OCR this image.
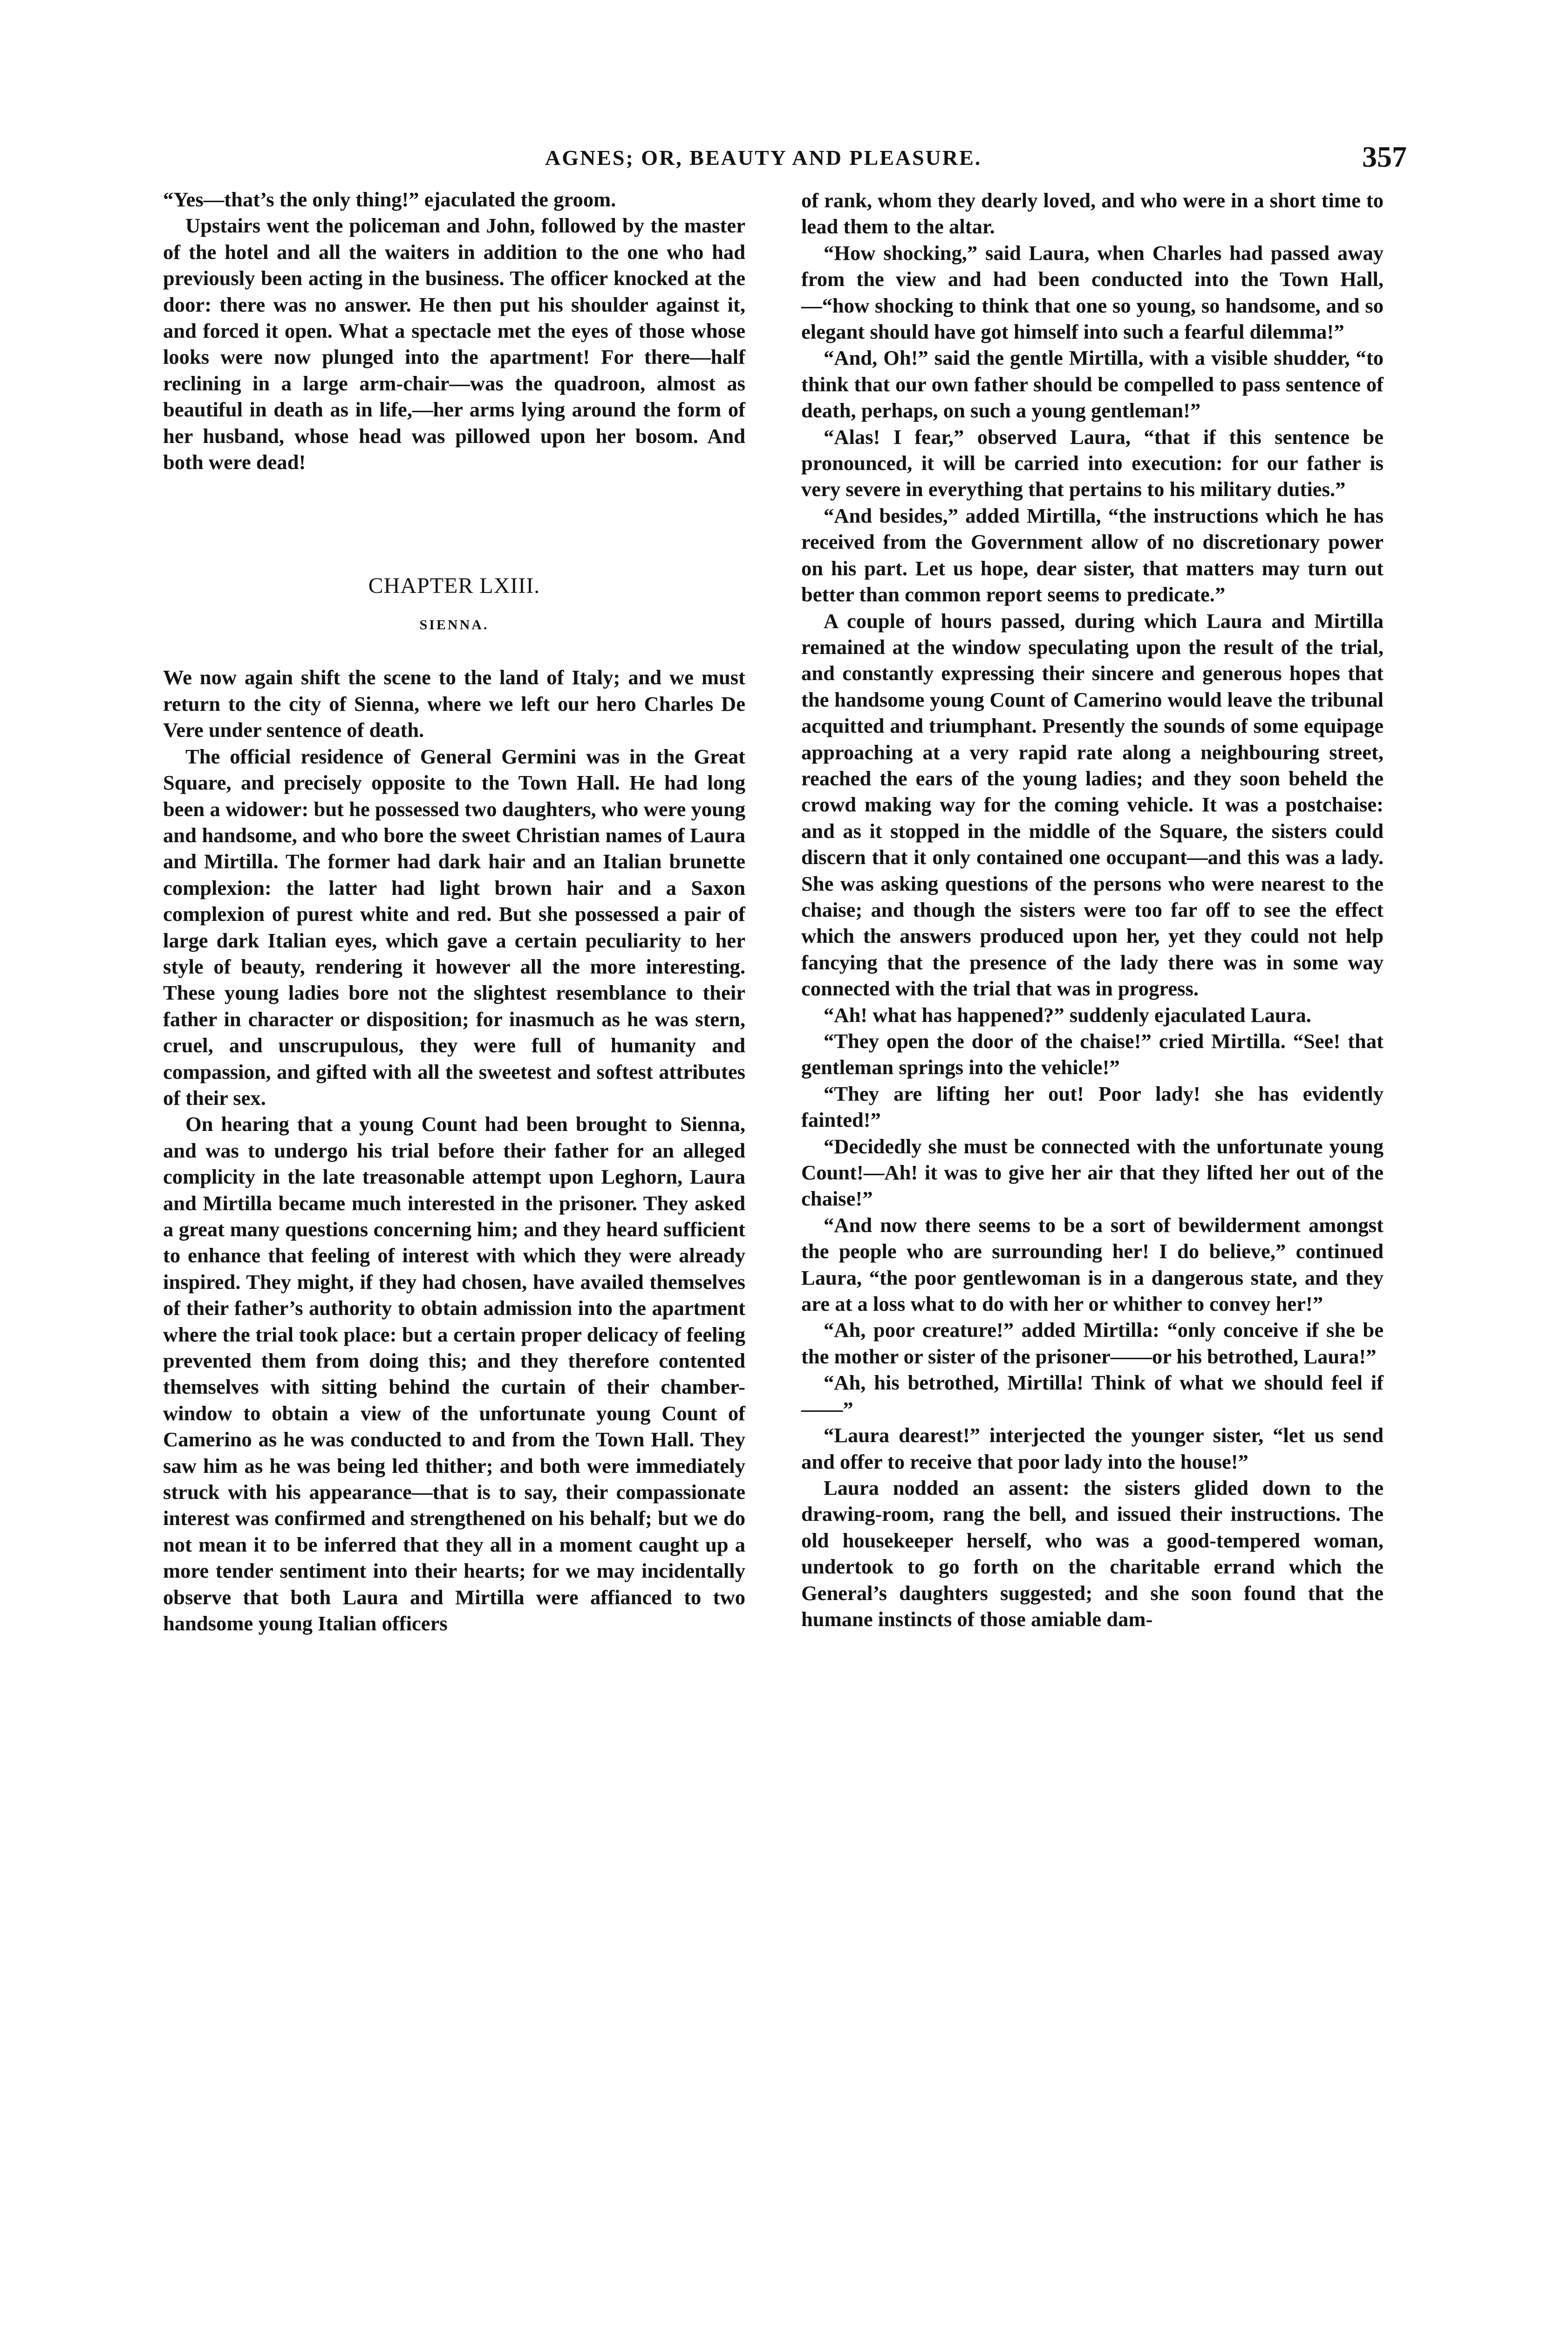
AGNES; OR, BEAUTY AND PLEASURE.	357

“Yes—that’s the only thing!” ejaculated the groom.

Upstairs went the policeman and John, followed by the master of the hotel and all the waiters in addition to the one who had previously been acting in the business. The officer knocked at the door: there was no answer. He then put his shoulder against it, and forced it open. What a spectacle met the eyes of those whose looks were now plunged into the apartment! For there—half reclining in a large arm-chair—was the quadroon, almost as beautiful in death as in life,—her arms lying around the form of her husband, whose head was pillowed upon her bosom. And both were dead!

CHAPTER LXIII.
SIENNA.

We now again shift the scene to the land of Italy; and we must return to the city of Sienna, where we left our hero Charles De Vere under sentence of death.

The official residence of General Germini was in the Great Square, and precisely opposite to the Town Hall. He had long been a widower: but he possessed two daughters, who were young and handsome, and who bore the sweet Christian names of Laura and Mirtilla. The former had dark hair and an Italian brunette complexion: the latter had light brown hair and a Saxon complexion of purest white and red. But she possessed a pair of large dark Italian eyes, which gave a certain peculiarity to her style of beauty, rendering it however all the more interesting. These young ladies bore not the slightest resemblance to their father in character or disposition; for inasmuch as he was stern, cruel, and unscrupulous, they were full of humanity and compassion, and gifted with all the sweetest and softest attributes of their sex.

On hearing that a young Count had been brought to Sienna, and was to undergo his trial before their father for an alleged complicity in the late treasonable attempt upon Leghorn, Laura and Mirtilla became much interested in the prisoner. They asked a great many questions concerning him; and they heard sufficient to enhance that feeling of interest with which they were already inspired. They might, if they had chosen, have availed themselves of their father’s authority to obtain admission into the apartment where the trial took place: but a certain proper delicacy of feeling prevented them from doing this; and they therefore contented themselves with sitting behind the curtain of their chamber-window to obtain a view of the unfortunate young Count of Camerino as he was conducted to and from the Town Hall. They saw him as he was being led thither; and both were immediately struck with his appearance—that is to say, their compassionate interest was confirmed and strengthened on his behalf; but we do not mean it to be inferred that they all in a moment caught up a more tender sentiment into their hearts; for we may incidentally observe that both Laura and Mirtilla were affianced to two handsome young Italian officers

of rank, whom they dearly loved, and who were in a short time to lead them to the altar.

“How shocking,” said Laura, when Charles had passed away from the view and had been conducted into the Town Hall,—“how shocking to think that one so young, so handsome, and so elegant should have got himself into such a fearful dilemma!”

“And, Oh!” said the gentle Mirtilla, with a visible shudder, “to think that our own father should be compelled to pass sentence of death, perhaps, on such a young gentleman!”

“Alas! I fear,” observed Laura, “that if this sentence be pronounced, it will be carried into execution: for our father is very severe in everything that pertains to his military duties.”

“And besides,” added Mirtilla, “the instructions which he has received from the Government allow of no discretionary power on his part. Let us hope, dear sister, that matters may turn out better than common report seems to predicate.”

A couple of hours passed, during which Laura and Mirtilla remained at the window speculating upon the result of the trial, and constantly expressing their sincere and generous hopes that the handsome young Count of Camerino would leave the tribunal acquitted and triumphant. Presently the sounds of some equipage approaching at a very rapid rate along a neighbouring street, reached the ears of the young ladies; and they soon beheld the crowd making way for the coming vehicle. It was a postchaise: and as it stopped in the middle of the Square, the sisters could discern that it only contained one occupant—and this was a lady. She was asking questions of the persons who were nearest to the chaise; and though the sisters were too far off to see the effect which the answers produced upon her, yet they could not help fancying that the presence of the lady there was in some way connected with the trial that was in progress.

“Ah! what has happened?” suddenly ejaculated Laura.

“They open the door of the chaise!” cried Mirtilla. “See! that gentleman springs into the vehicle!”

“They are lifting her out! Poor lady! she has evidently fainted!”

“Decidedly she must be connected with the unfortunate young Count!—Ah! it was to give her air that they lifted her out of the chaise!”

“And now there seems to be a sort of bewilderment amongst the people who are surrounding her! I do believe,” continued Laura, “the poor gentlewoman is in a dangerous state, and they are at a loss what to do with her or whither to convey her!”

“Ah, poor creature!” added Mirtilla: “only conceive if she be the mother or sister of the prisoner——or his betrothed, Laura!”

“Ah, his betrothed, Mirtilla! Think of what we should feel if——”

“Laura dearest!” interjected the younger sister, “let us send and offer to receive that poor lady into the house!”

Laura nodded an assent: the sisters glided down to the drawing-room, rang the bell, and issued their instructions. The old housekeeper herself, who was a good-tempered woman, undertook to go forth on the charitable errand which the General’s daughters suggested; and she soon found that the humane instincts of those amiable dam-
